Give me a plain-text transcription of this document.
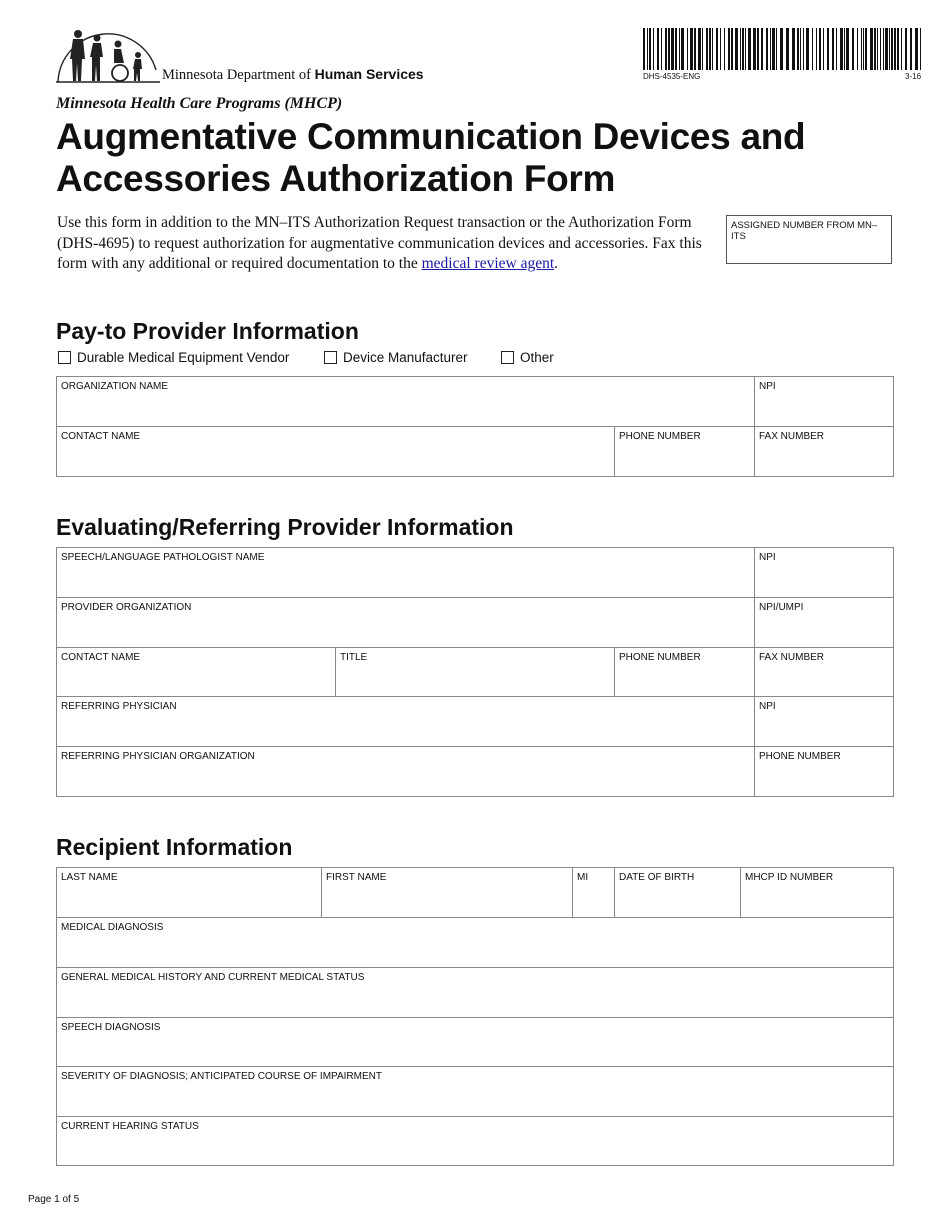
Minnesota Department of Human Services	DHS-4535-ENG	3-16
Minnesota Health Care Programs (MHCP)
Augmentative Communication Devices and Accessories Authorization Form

Use this form in addition to the MN–ITS Authorization Request transaction or the Authorization Form (DHS-4695) to request authorization for augmentative communication devices and accessories. Fax this form with any additional or required documentation to the medical review agent.

ASSIGNED NUMBER FROM MN–ITS
Pay-to Provider Information
Durable Medical Equipment Vendor	Device Manufacturer	Other
ORGANIZATION NAME	NPI
CONTACT NAME	PHONE NUMBER	FAX NUMBER
Evaluating/Referring Provider Information
SPEECH/LANGUAGE PATHOLOGIST NAME	NPI
PROVIDER ORGANIZATION	NPI/UMPI
CONTACT NAME	TITLE	PHONE NUMBER	FAX NUMBER
REFERRING PHYSICIAN	NPI
REFERRING PHYSICIAN ORGANIZATION	PHONE NUMBER
Recipient Information
LAST NAME	FIRST NAME	MI	DATE OF BIRTH	MHCP ID NUMBER
MEDICAL DIAGNOSIS
GENERAL MEDICAL HISTORY AND CURRENT MEDICAL STATUS
SPEECH DIAGNOSIS
SEVERITY OF DIAGNOSIS; ANTICIPATED COURSE OF IMPAIRMENT
CURRENT HEARING STATUS
Page 1 of 5
